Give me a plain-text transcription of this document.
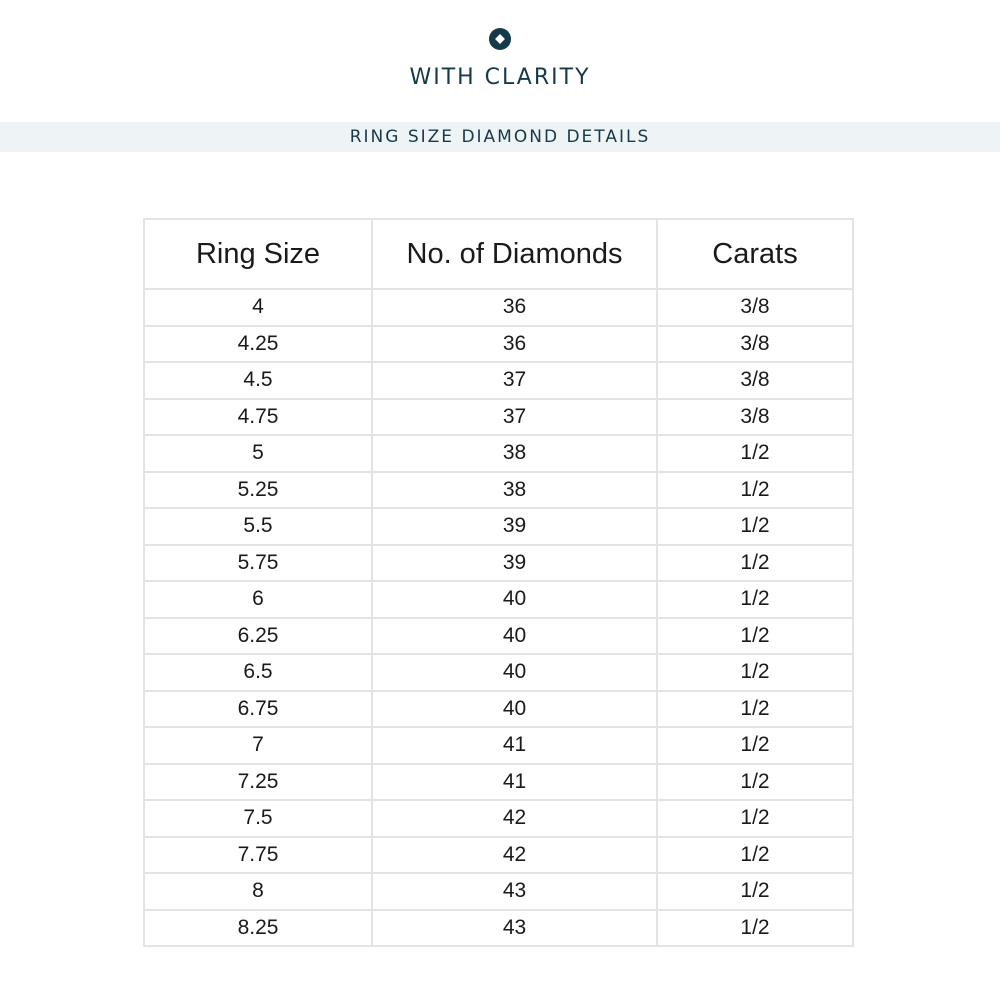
WITH CLARITY
RING SIZE DIAMOND DETAILS
Ring Size	No. of Diamonds	Carats
4	36	3/8
4.25	36	3/8
4.5	37	3/8
4.75	37	3/8
5	38	1/2
5.25	38	1/2
5.5	39	1/2
5.75	39	1/2
6	40	1/2
6.25	40	1/2
6.5	40	1/2
6.75	40	1/2
7	41	1/2
7.25	41	1/2
7.5	42	1/2
7.75	42	1/2
8	43	1/2
8.25	43	1/2
